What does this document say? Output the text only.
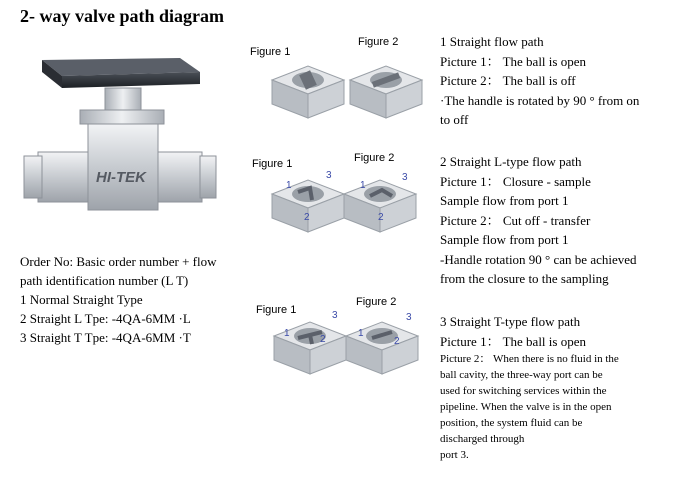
2- way valve path diagram
HI-TEK
Order No: Basic order number + flow
path identification number (L T)
1 Normal Straight Type
2 Straight L Tpe: -4QA-6MM ·L
3 Straight T Tpe: -4QA-6MM ·T
Figure 1
Figure 2
Figure 1	Figure 2
1
2
3
1
2
3
Figure 1
Figure 2
1
2
3
1
2
3
1 Straight flow path
Picture 1： The ball is open
Picture 2： The ball is off
·The handle is rotated by 90 ° from on
to off
2 Straight L-type flow path
Picture 1： Closure - sample
Sample flow from port 1
Picture 2： Cut off - transfer
Sample flow from port 1
-Handle rotation 90 ° can be achieved
from the closure to the sampling
3 Straight T-type flow path
Picture 1： The ball is open
Picture 2： When there is no fluid in the
ball cavity, the three-way port can be
used for switching services within the
pipeline. When the valve is in the open
position, the system fluid can be
discharged through
port 3.
